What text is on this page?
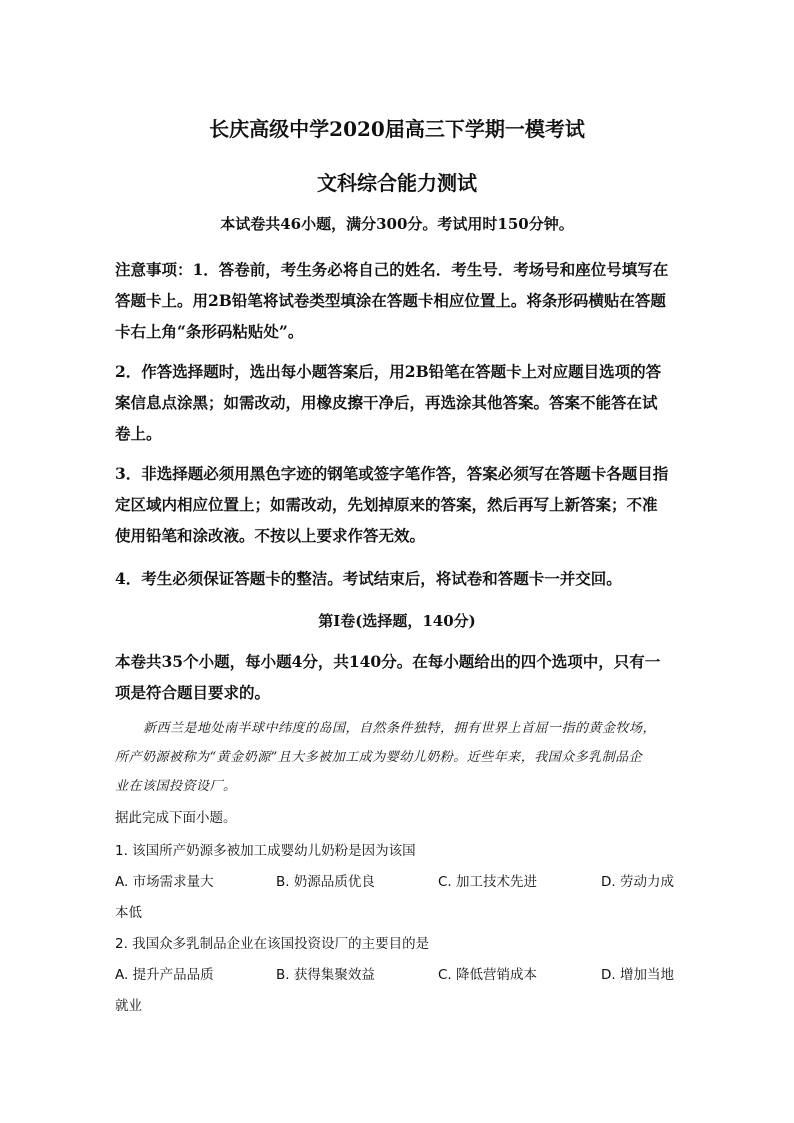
长庆高级中学2020届高三下学期一模考试
文科综合能力测试
本试卷共46小题，满分300分。考试用时150分钟。
注意事项：1．答卷前，考生务必将自己的姓名．考生号．考场号和座位号填写在
答题卡上。用2B铅笔将试卷类型填涂在答题卡相应位置上。将条形码横贴在答题
卡右上角“条形码粘贴处”。
2．作答选择题时，选出每小题答案后，用2B铅笔在答题卡上对应题目选项的答
案信息点涂黑；如需改动，用橡皮擦干净后，再选涂其他答案。答案不能答在试
卷上。
3．非选择题必须用黑色字迹的钢笔或签字笔作答，答案必须写在答题卡各题目指
定区域内相应位置上；如需改动，先划掉原来的答案，然后再写上新答案；不准
使用铅笔和涂改液。不按以上要求作答无效。
4．考生必须保证答题卡的整洁。考试结束后，将试卷和答题卡一并交回。
第Ⅰ卷(选择题，140分)
本卷共35个小题，每小题4分，共140分。在每小题给出的四个选项中，只有一
项是符合题目要求的。
新西兰是地处南半球中纬度的岛国，自然条件独特，拥有世界上首屈一指的黄金牧场，
所产奶源被称为“黄金奶源”且大多被加工成为婴幼儿奶粉。近些年来，我国众多乳制品企
业在该国投资设厂。
据此完成下面小题。
1. 该国所产奶源多被加工成婴幼儿奶粉是因为该国
A. 市场需求量大	B. 奶源品质优良	C. 加工技术先进	D. 劳动力成
本低
2. 我国众多乳制品企业在该国投资设厂的主要目的是
A. 提升产品品质	B. 获得集聚效益	C. 降低营销成本	D. 增加当地
就业
